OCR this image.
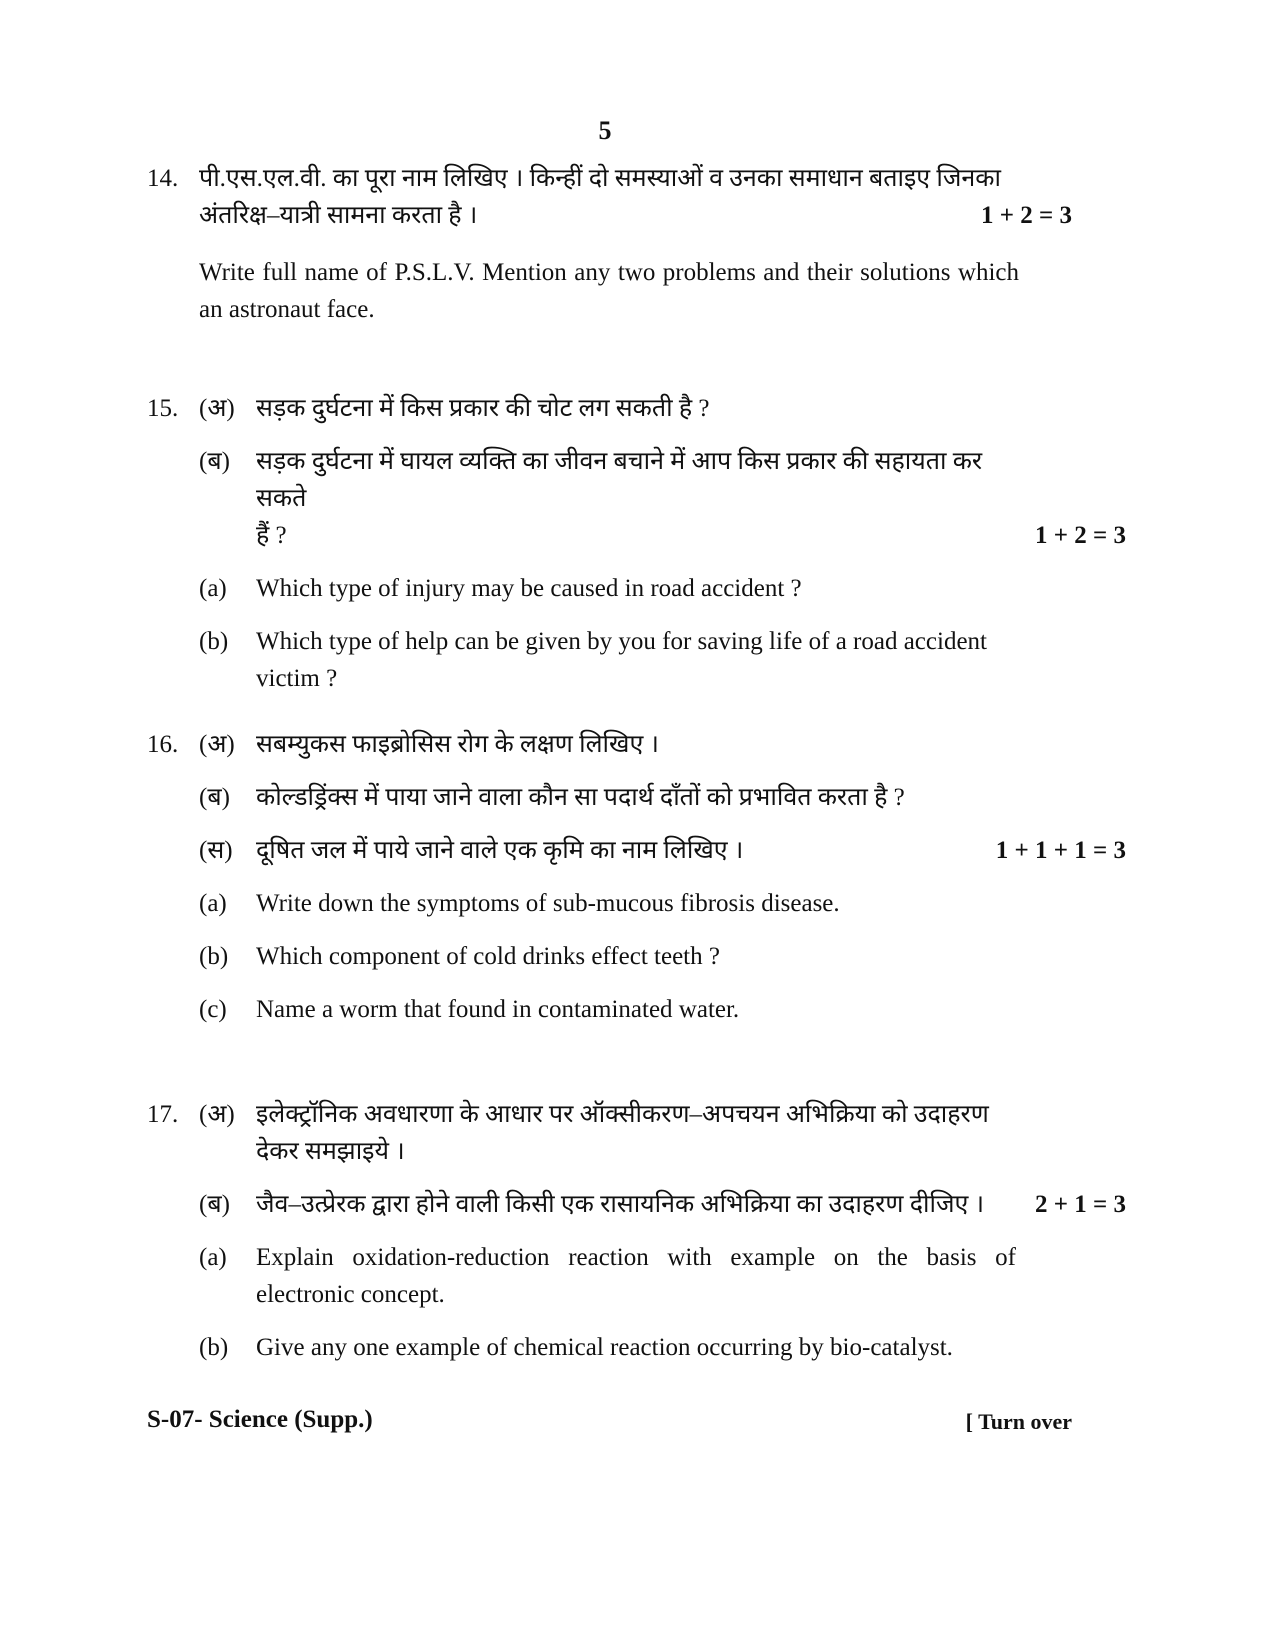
5
14. पी.एस.एल.वी. का पूरा नाम लिखिए । किन्हीं दो समस्याओं व उनका समाधान बताइए जिनका
अंतरिक्ष–यात्री सामना करता है ।	1 + 2 = 3
Write full name of P.S.L.V. Mention any two problems and their solutions which an astronaut face.
15. (अ) सड़क दुर्घटना में किस प्रकार की चोट लग सकती है ?
(ब)	सड़क दुर्घटना में घायल व्यक्ति का जीवन बचाने में आप किस प्रकार की सहायता कर सकते
हैं ?	1 + 2 = 3
(a)	Which type of injury may be caused in road accident ?
(b)	Which type of help can be given by you for saving life of a road accident victim ?
16. (अ) सबम्युकस फाइब्रोसिस रोग के लक्षण लिखिए ।
(ब)	कोल्डड्रिंक्स में पाया जाने वाला कौन सा पदार्थ दाँतों को प्रभावित करता है ?
(स) दूषित जल में पाये जाने वाले एक कृमि का नाम लिखिए ।	1 + 1 + 1 = 3
(a)	Write down the symptoms of sub-mucous fibrosis disease.
(b)	Which component of cold drinks effect teeth ?
(c)	Name a worm that found in contaminated water.
17. (अ) इलेक्ट्रॉनिक अवधारणा के आधार पर ऑक्सीकरण–अपचयन अभिक्रिया को उदाहरण देकर समझाइये ।
(ब)	जैव–उत्प्रेरक द्वारा होने वाली किसी एक रासायनिक अभिक्रिया का उदाहरण दीजिए । 2 + 1 = 3
(a)	Explain oxidation-reduction reaction with example on the basis of electronic concept.
(b)	Give any one example of chemical reaction occurring by bio-catalyst.
S-07- Science (Supp.)	[ Turn over
